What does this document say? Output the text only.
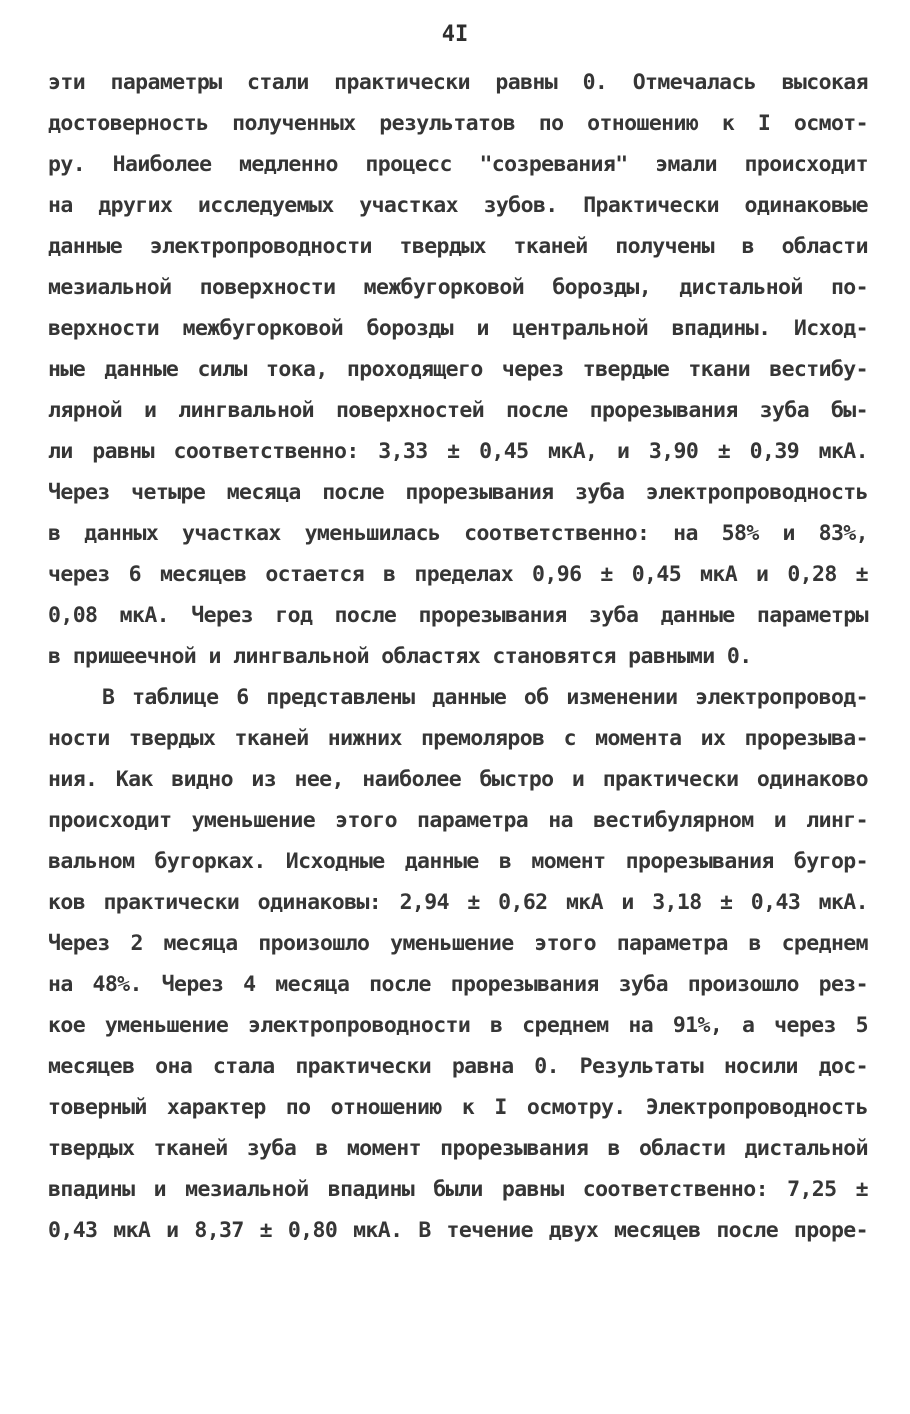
4I
эти параметры стали практически равны 0. Отмечалась высокая
достоверность полученных результатов по отношению к I осмот-
ру. Наиболее медленно процесс "созревания" эмали происходит
на других исследуемых участках зубов. Практически одинаковые
данные электропроводности твердых тканей получены в области
мезиальной поверхности межбугорковой борозды, дистальной по-
верхности межбугорковой борозды и центральной впадины. Исход-
ные данные силы тока, проходящего через твердые ткани вестибу-
лярной и лингвальной поверхностей после прорезывания зуба бы-
ли равны соответственно: 3,33 ± 0,45 мкА, и 3,90 ± 0,39 мкА.
Через четыре месяца после прорезывания зуба электропроводность
в данных участках уменьшилась соответственно: на 58% и 83%,
через 6 месяцев остается в пределах 0,96 ± 0,45 мкА и 0,28 ±
0,08 мкА. Через год после прорезывания зуба данные параметры
в пришеечной и лингвальной областях становятся равными 0.
В таблице 6 представлены данные об изменении электропровод-
ности твердых тканей нижних премоляров с момента их прорезыва-
ния. Как видно из нее, наиболее быстро и практически одинаково
происходит уменьшение этого параметра на вестибулярном и линг-
вальном бугорках. Исходные данные в момент прорезывания бугор-
ков практически одинаковы: 2,94 ± 0,62 мкА и 3,18 ± 0,43 мкА.
Через 2 месяца произошло уменьшение этого параметра в среднем
на 48%. Через 4 месяца после прорезывания зуба произошло рез-
кое уменьшение электропроводности в среднем на 91%, а через 5
месяцев она стала практически равна 0. Результаты носили дос-
товерный характер по отношению к I осмотру. Электропроводность
твердых тканей зуба в момент прорезывания в области дистальной
впадины и мезиальной впадины были равны соответственно: 7,25 ±
0,43 мкА и 8,37 ± 0,80 мкА. В течение двух месяцев после проре-
